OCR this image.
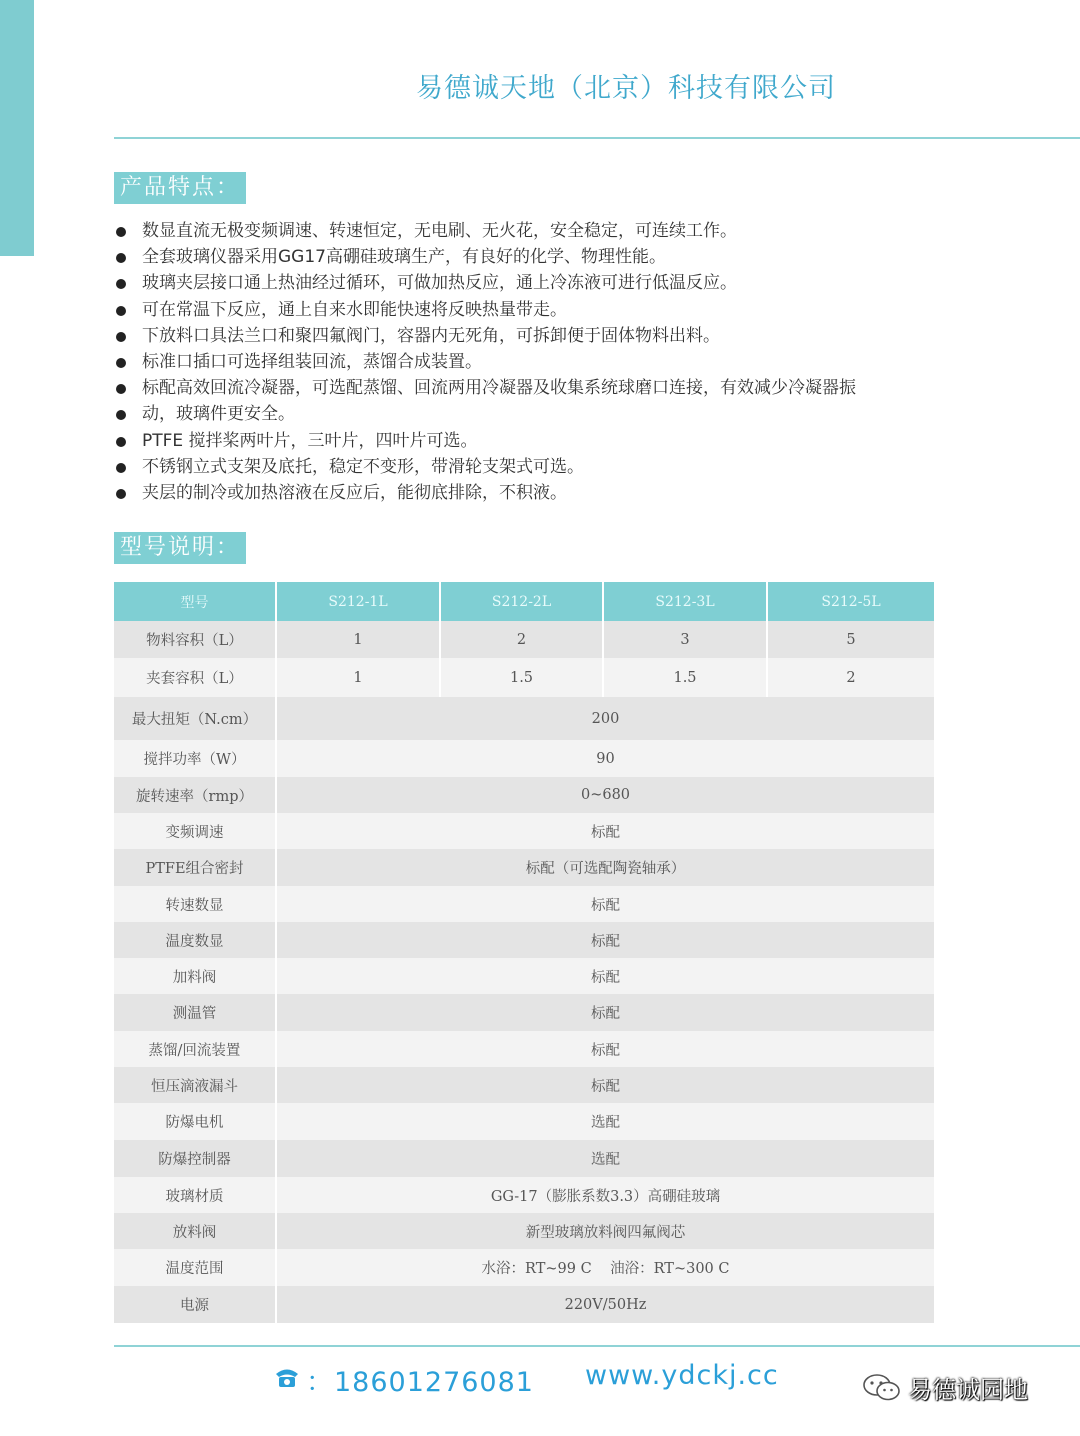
易德诚天地（北京）科技有限公司
产品特点：
数显直流无极变频调速、转速恒定，无电刷、无火花，安全稳定，可连续工作。
全套玻璃仪器采用GG17高硼硅玻璃生产，有良好的化学、物理性能。
玻璃夹层接口通上热油经过循环，可做加热反应，通上冷冻液可进行低温反应。
可在常温下反应，通上自来水即能快速将反映热量带走。
下放料口具法兰口和聚四氟阀门，容器内无死角，可拆卸便于固体物料出料。
标准口插口可选择组装回流，蒸馏合成装置。
标配高效回流冷凝器，可选配蒸馏、回流两用冷凝器及收集系统球磨口连接，有效减少冷凝器振
动，玻璃件更安全。
PTFE 搅拌桨两叶片，三叶片，四叶片可选。
不锈钢立式支架及底托，稳定不变形，带滑轮支架式可选。
夹层的制冷或加热溶液在反应后，能彻底排除，不积液。
型号说明：
型号	S212-1L	S212-2L	S212-3L	S212-5L
物料容积（L）	1	2	3	5
夹套容积（L）	1	1.5	1.5	2
最大扭矩（N.cm）	200			
搅拌功率（W）	90			
旋转速率（rmp）	0~680			
变频调速	标配			
PTFE组合密封	标配（可选配陶瓷轴承）			
转速数显	标配			
温度数显	标配			
加料阀	标配			
测温管	标配			
蒸馏/回流装置	标配			
恒压滴液漏斗	标配			
防爆电机	选配			
防爆控制器	选配			
玻璃材质	GG-17（膨胀系数3.3）高硼硅玻璃			
放料阀	新型玻璃放料阀四氟阀芯			
温度范围	水浴：RT~99 C    油浴：RT~300 C			
电源	220V/50Hz			
：18601276081 www.ydckj.cc	易德诚园地
